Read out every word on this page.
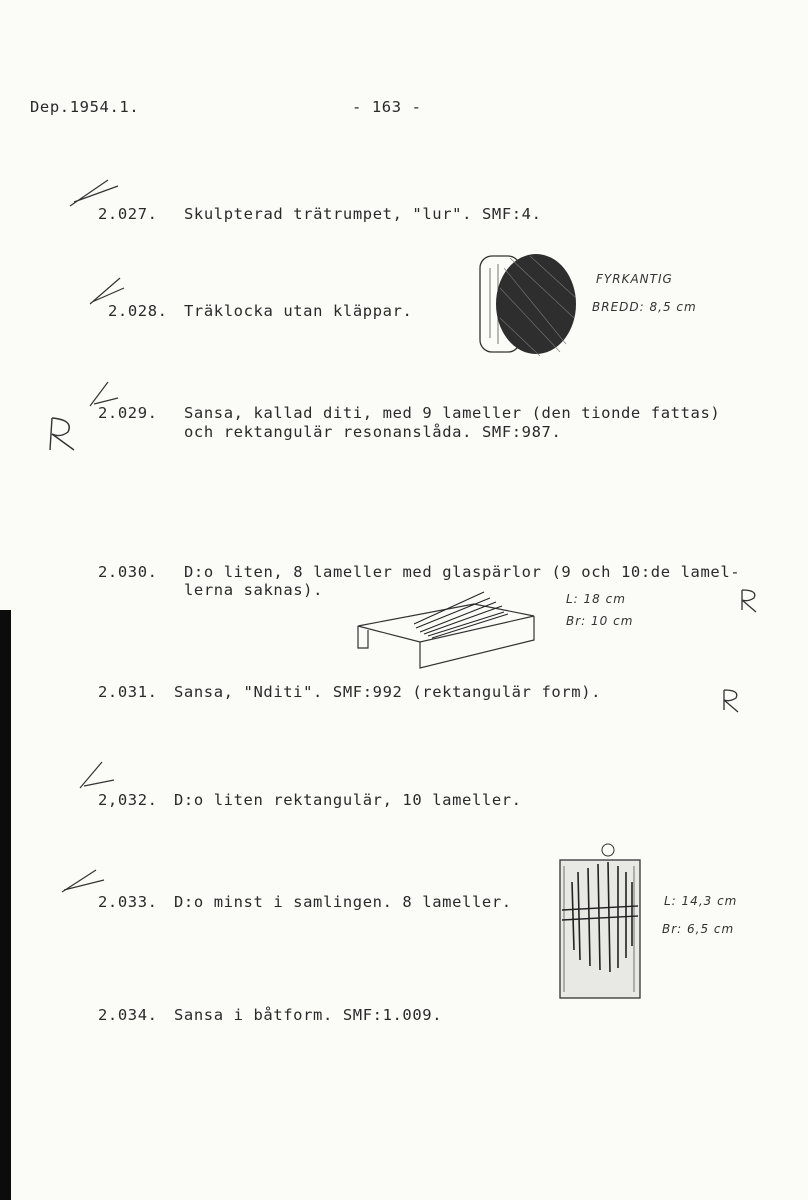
Dep.1954.1.	- 163 -
2.027. Skulpterad trätrumpet, "lur". SMF:4.
2.028. Träklocka utan kläppar.
2.029. Sansa, kallad diti, med 9 lameller (den tionde fattas)
och rektangulär resonanslåda. SMF:987.
2.030. D:o liten, 8 lameller med glaspärlor (9 och 10:de lamel-
lerna saknas).
2.031. Sansa, "Nditi". SMF:992 (rektangulär form).
2,032. D:o liten rektangulär, 10 lameller.
2.033. D:o minst i samlingen. 8 lameller.
2.034. Sansa i båtform. SMF:1.009.
FYRKANTIG
BREDD: 8,5 cm
L: 18 cm
Br: 10 cm
L: 14,3 cm
Br: 6,5 cm
